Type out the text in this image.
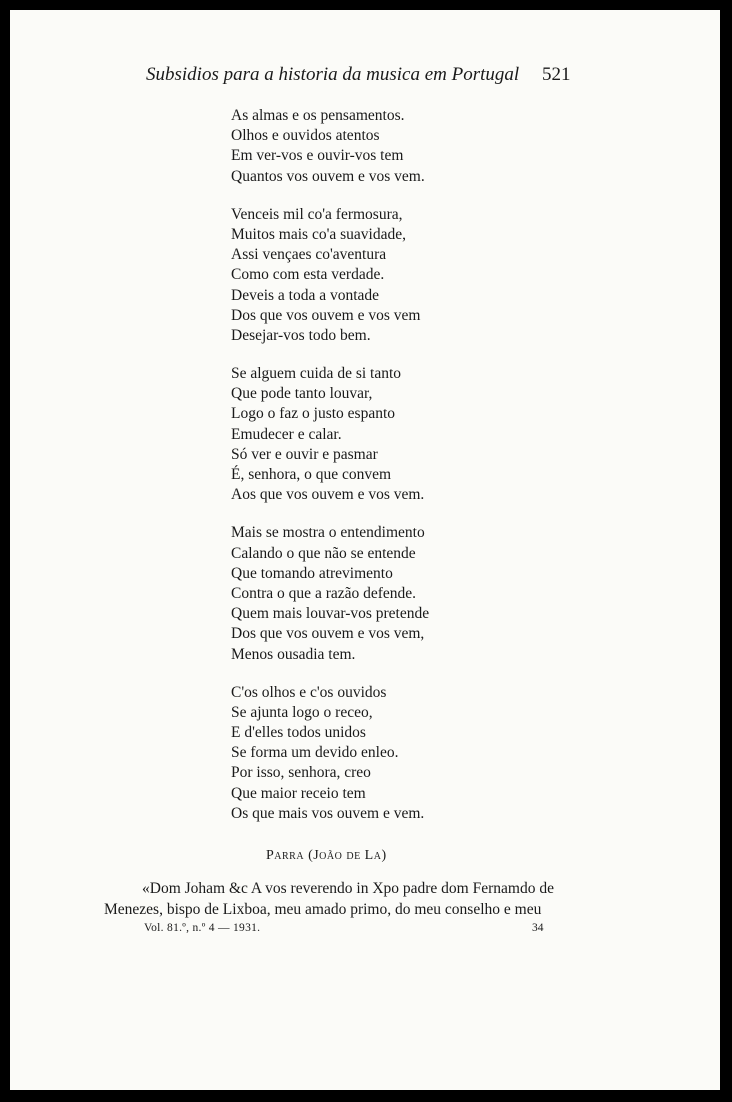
Subsidios para a historia da musica em Portugal 521
As almas e os pensamentos.
Olhos e ouvidos atentos
Em ver-vos e ouvir-vos tem
Quantos vos ouvem e vos vem.
Venceis mil co'a fermosura,
Muitos mais co'a suavidade,
Assi vençaes co'aventura
Como com esta verdade.
Deveis a toda a vontade
Dos que vos ouvem e vos vem
Desejar-vos todo bem.
Se alguem cuida de si tanto
Que pode tanto louvar,
Logo o faz o justo espanto
Emudecer e calar.
Só ver e ouvir e pasmar
É, senhora, o que convem
Aos que vos ouvem e vos vem.
Mais se mostra o entendimento
Calando o que não se entende
Que tomando atrevimento
Contra o que a razão defende.
Quem mais louvar-vos pretende
Dos que vos ouvem e vos vem,
Menos ousadia tem.
C'os olhos e c'os ouvidos
Se ajunta logo o receo,
E d'elles todos unidos
Se forma um devido enleo.
Por isso, senhora, creo
Que maior receio tem
Os que mais vos ouvem e vem.
Parra (João de La)
«Dom Joham &c A vos reverendo in Xpo padre dom Fernamdo de
Menezes, bispo de Lixboa, meu amado primo, do meu conselho e meu
Vol. 81.º, n.º 4 — 1931.	34
